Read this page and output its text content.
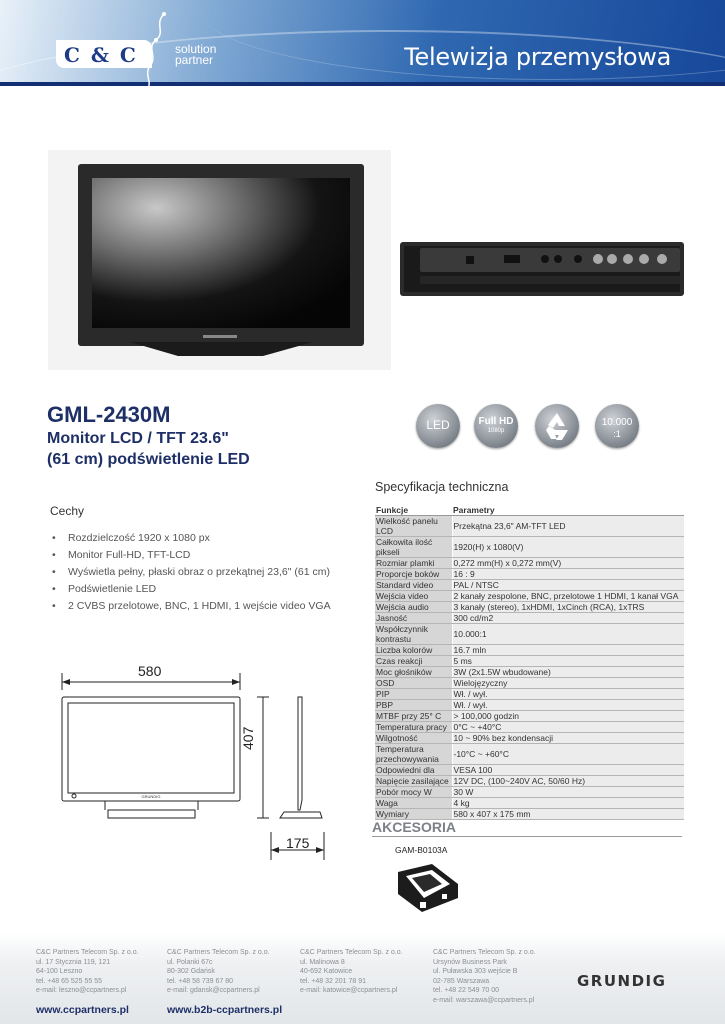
C & C	solution
partner	Telewizja przemysłowa
GML-2430M
Monitor LCD / TFT 23.6"
(61 cm) podświetlenie LED
LED	Full HD
1080p
10.000
:1
Cechy
• Rozdzielczość 1920 x 1080 px
• Monitor Full-HD, TFT-LCD
• Wyświetla pełny, płaski obraz o przekątnej 23,6" (61 cm)
• Podświetlenie LED
• 2 CVBS przelotowe, BNC, 1 HDMI, 1 wejście video VGA
Specyfikacja techniczna
Funkcje	Parametry
Wielkość panelu LCD	Przekątna 23,6" AM-TFT LED
Całkowita ilość pikseli	1920(H) x 1080(V)
Rozmiar plamki	0,272 mm(H) x 0,272 mm(V)
Proporcje boków	16 : 9
Standard video	PAL / NTSC
Wejścia video	2 kanały zespolone, BNC, przelotowe 1 HDMI, 1 kanał VGA
Wejścia audio	3 kanały (stereo), 1xHDMI, 1xCinch (RCA), 1xTRS
Jasność	300 cd/m2
Współczynnik kontrastu	10.000:1
Liczba kolorów	16.7 mln
Czas reakcji	5 ms
Moc głośników	3W (2x1.5W wbudowane)
OSD	Wielojęzyczny
PIP	Wł. / wył.
PBP	Wł. / wył.
MTBF przy 25° C	> 100,000 godzin
Temperatura pracy	0°C ~ +40°C
Wilgotność	10 ~ 90% bez kondensacji
Temperatura przechowywania	-10°C ~ +60°C
Odpowiedni dla	VESA 100
Napięcie zasilające	12V DC, (100~240V AC, 50/60 Hz)
Pobór mocy W	30 W
Waga	4 kg
Wymiary	580 x 407 x 175 mm
GRUNDIG
580
407
175
AKCESORIA
GAM-B0103A
C&C Partners Telecom Sp. z o.o.
ul. 17 Stycznia 119, 121
64-100 Leszno
tel. +48 65 525 55 55
e-mail: leszno@ccpartners.pl
C&C Partners Telecom Sp. z o.o.
ul. Polanki 67c
80-302 Gdańsk
tel. +48 58 739 67 80
e-mail: gdansk@ccpartners.pl
C&C Partners Telecom Sp. z o.o.
ul. Malinowa 8
40-692 Katowice
tel. +48 32 201 78 91
e-mail: katowice@ccpartners.pl
C&C Partners Telecom Sp. z o.o.
Ursynów Business Park
ul. Puławska 303 wejście B
02-785 Warszawa
tel. +48 22 549 70 00
e-mail: warszawa@ccpartners.pl
www.ccpartners.pl	www.b2b-ccpartners.pl
GRUNDIG
